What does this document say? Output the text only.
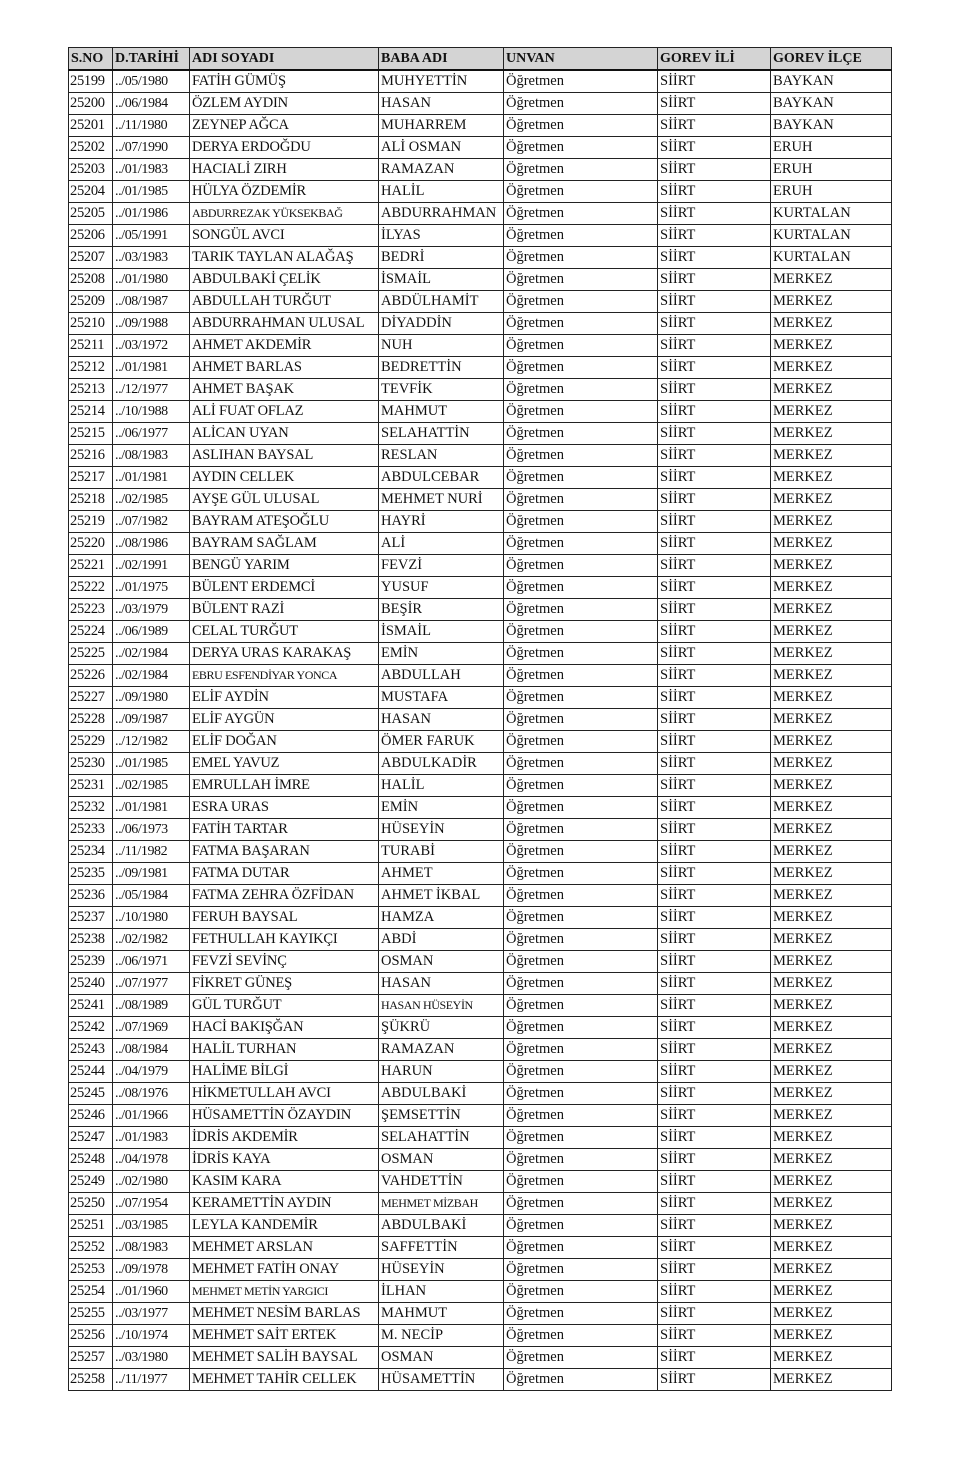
S.NO	D.TARİHİ	ADI SOYADI	BABA ADI	UNVAN	GOREV İLİ	GOREV İLÇE
25199	../05/1980	FATİH GÜMÜŞ	MUHYETTİN	Öğretmen	SİİRT	BAYKAN
25200	../06/1984	ÖZLEM AYDIN	HASAN	Öğretmen	SİİRT	BAYKAN
25201	../11/1980	ZEYNEP AĞCA	MUHARREM	Öğretmen	SİİRT	BAYKAN
25202	../07/1990	DERYA ERDOĞDU	ALİ OSMAN	Öğretmen	SİİRT	ERUH
25203	../01/1983	HACIALİ ZIRH	RAMAZAN	Öğretmen	SİİRT	ERUH
25204	../01/1985	HÜLYA ÖZDEMİR	HALİL	Öğretmen	SİİRT	ERUH
25205	../01/1986	ABDURREZAK YÜKSEKBAĞ	ABDURRAHMAN	Öğretmen	SİİRT	KURTALAN
25206	../05/1991	SONGÜL AVCI	İLYAS	Öğretmen	SİİRT	KURTALAN
25207	../03/1983	TARIK TAYLAN ALAĞAŞ	BEDRİ	Öğretmen	SİİRT	KURTALAN
25208	../01/1980	ABDULBAKİ ÇELİK	İSMAİL	Öğretmen	SİİRT	MERKEZ
25209	../08/1987	ABDULLAH TURĞUT	ABDÜLHAMİT	Öğretmen	SİİRT	MERKEZ
25210	../09/1988	ABDURRAHMAN ULUSAL	DİYADDİN	Öğretmen	SİİRT	MERKEZ
25211	../03/1972	AHMET AKDEMİR	NUH	Öğretmen	SİİRT	MERKEZ
25212	../01/1981	AHMET BARLAS	BEDRETTİN	Öğretmen	SİİRT	MERKEZ
25213	../12/1977	AHMET BAŞAK	TEVFİK	Öğretmen	SİİRT	MERKEZ
25214	../10/1988	ALİ FUAT OFLAZ	MAHMUT	Öğretmen	SİİRT	MERKEZ
25215	../06/1977	ALİCAN UYAN	SELAHATTİN	Öğretmen	SİİRT	MERKEZ
25216	../08/1983	ASLIHAN BAYSAL	RESLAN	Öğretmen	SİİRT	MERKEZ
25217	../01/1981	AYDIN CELLEK	ABDULCEBAR	Öğretmen	SİİRT	MERKEZ
25218	../02/1985	AYŞE GÜL ULUSAL	MEHMET NURİ	Öğretmen	SİİRT	MERKEZ
25219	../07/1982	BAYRAM ATEŞOĞLU	HAYRİ	Öğretmen	SİİRT	MERKEZ
25220	../08/1986	BAYRAM SAĞLAM	ALİ	Öğretmen	SİİRT	MERKEZ
25221	../02/1991	BENGÜ YARIM	FEVZİ	Öğretmen	SİİRT	MERKEZ
25222	../01/1975	BÜLENT ERDEMCİ	YUSUF	Öğretmen	SİİRT	MERKEZ
25223	../03/1979	BÜLENT RAZİ	BEŞİR	Öğretmen	SİİRT	MERKEZ
25224	../06/1989	CELAL TURĞUT	İSMAİL	Öğretmen	SİİRT	MERKEZ
25225	../02/1984	DERYA URAS KARAKAŞ	EMİN	Öğretmen	SİİRT	MERKEZ
25226	../02/1984	EBRU ESFENDİYAR YONCA	ABDULLAH	Öğretmen	SİİRT	MERKEZ
25227	../09/1980	ELİF AYDİN	MUSTAFA	Öğretmen	SİİRT	MERKEZ
25228	../09/1987	ELİF AYGÜN	HASAN	Öğretmen	SİİRT	MERKEZ
25229	../12/1982	ELİF DOĞAN	ÖMER FARUK	Öğretmen	SİİRT	MERKEZ
25230	../01/1985	EMEL YAVUZ	ABDULKADİR	Öğretmen	SİİRT	MERKEZ
25231	../02/1985	EMRULLAH İMRE	HALİL	Öğretmen	SİİRT	MERKEZ
25232	../01/1981	ESRA URAS	EMİN	Öğretmen	SİİRT	MERKEZ
25233	../06/1973	FATİH TARTAR	HÜSEYİN	Öğretmen	SİİRT	MERKEZ
25234	../11/1982	FATMA BAŞARAN	TURABİ	Öğretmen	SİİRT	MERKEZ
25235	../09/1981	FATMA DUTAR	AHMET	Öğretmen	SİİRT	MERKEZ
25236	../05/1984	FATMA ZEHRA ÖZFİDAN	AHMET İKBAL	Öğretmen	SİİRT	MERKEZ
25237	../10/1980	FERUH BAYSAL	HAMZA	Öğretmen	SİİRT	MERKEZ
25238	../02/1982	FETHULLAH KAYIKÇI	ABDİ	Öğretmen	SİİRT	MERKEZ
25239	../06/1971	FEVZİ SEVİNÇ	OSMAN	Öğretmen	SİİRT	MERKEZ
25240	../07/1977	FİKRET GÜNEŞ	HASAN	Öğretmen	SİİRT	MERKEZ
25241	../08/1989	GÜL TURĞUT	HASAN HÜSEYİN	Öğretmen	SİİRT	MERKEZ
25242	../07/1969	HACİ BAKIŞĞAN	ŞÜKRÜ	Öğretmen	SİİRT	MERKEZ
25243	../08/1984	HALİL TURHAN	RAMAZAN	Öğretmen	SİİRT	MERKEZ
25244	../04/1979	HALİME BİLGİ	HARUN	Öğretmen	SİİRT	MERKEZ
25245	../08/1976	HİKMETULLAH AVCI	ABDULBAKİ	Öğretmen	SİİRT	MERKEZ
25246	../01/1966	HÜSAMETTİN ÖZAYDIN	ŞEMSETTİN	Öğretmen	SİİRT	MERKEZ
25247	../01/1983	İDRİS AKDEMİR	SELAHATTİN	Öğretmen	SİİRT	MERKEZ
25248	../04/1978	İDRİS KAYA	OSMAN	Öğretmen	SİİRT	MERKEZ
25249	../02/1980	KASIM KARA	VAHDETTİN	Öğretmen	SİİRT	MERKEZ
25250	../07/1954	KERAMETTİN AYDIN	MEHMET MİZBAH	Öğretmen	SİİRT	MERKEZ
25251	../03/1985	LEYLA KANDEMİR	ABDULBAKİ	Öğretmen	SİİRT	MERKEZ
25252	../08/1983	MEHMET ARSLAN	SAFFETTİN	Öğretmen	SİİRT	MERKEZ
25253	../09/1978	MEHMET FATİH ONAY	HÜSEYİN	Öğretmen	SİİRT	MERKEZ
25254	../01/1960	MEHMET METİN YARGICI	İLHAN	Öğretmen	SİİRT	MERKEZ
25255	../03/1977	MEHMET NESİM BARLAS	MAHMUT	Öğretmen	SİİRT	MERKEZ
25256	../10/1974	MEHMET SAİT ERTEK	M. NECİP	Öğretmen	SİİRT	MERKEZ
25257	../03/1980	MEHMET SALİH BAYSAL	OSMAN	Öğretmen	SİİRT	MERKEZ
25258	../11/1977	MEHMET TAHİR CELLEK	HÜSAMETTİN	Öğretmen	SİİRT	MERKEZ
